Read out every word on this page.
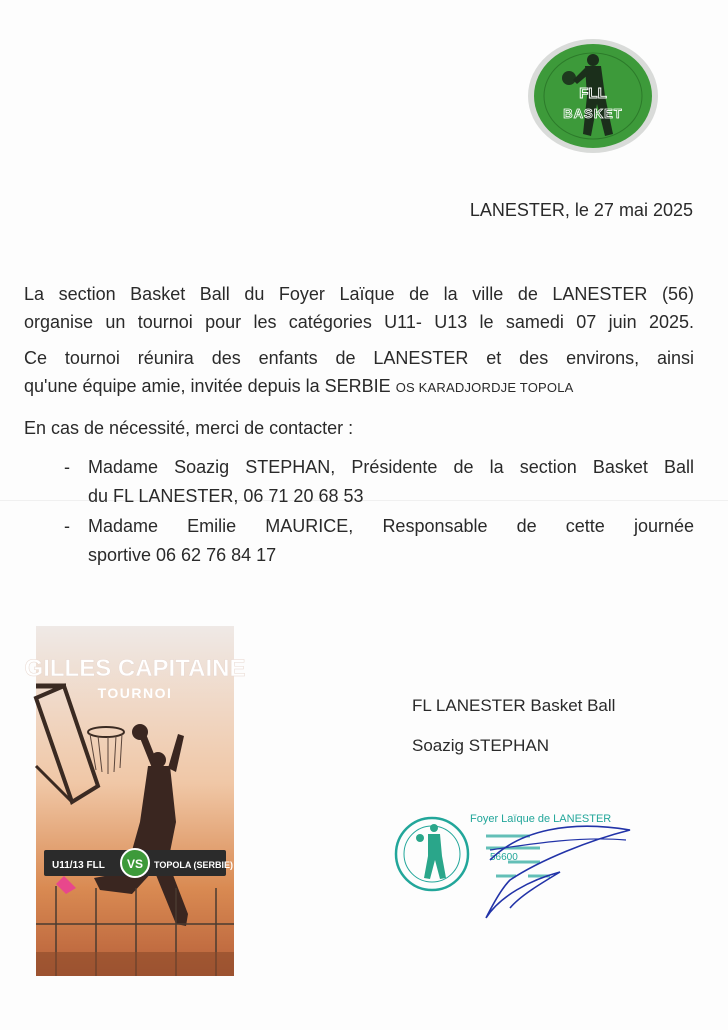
FLL
BASKET
LANESTER, le 27 mai 2025
La section Basket Ball du Foyer Laïque de la ville de LANESTER (56)
organise un tournoi pour les catégories U11- U13 le samedi 07 juin 2025.
Ce tournoi réunira des enfants de LANESTER et des environs, ainsi
qu'une équipe amie, invitée depuis la SERBIE OS KARADJORDJE TOPOLA
En cas de nécessité, merci de contacter :
- Madame Soazig STEPHAN, Présidente de la section Basket Ball
du FL LANESTER, 06 71 20 68 53
- Madame Emilie MAURICE, Responsable de cette journée
sportive 06 62 76 84 17
GILLES CAPITAINE
TOURNOI
U11/13 FLL VS TOPOLA (SERBIE)
FL LANESTER Basket Ball
Soazig STEPHAN
Foyer Laïque de LANESTER
56600
